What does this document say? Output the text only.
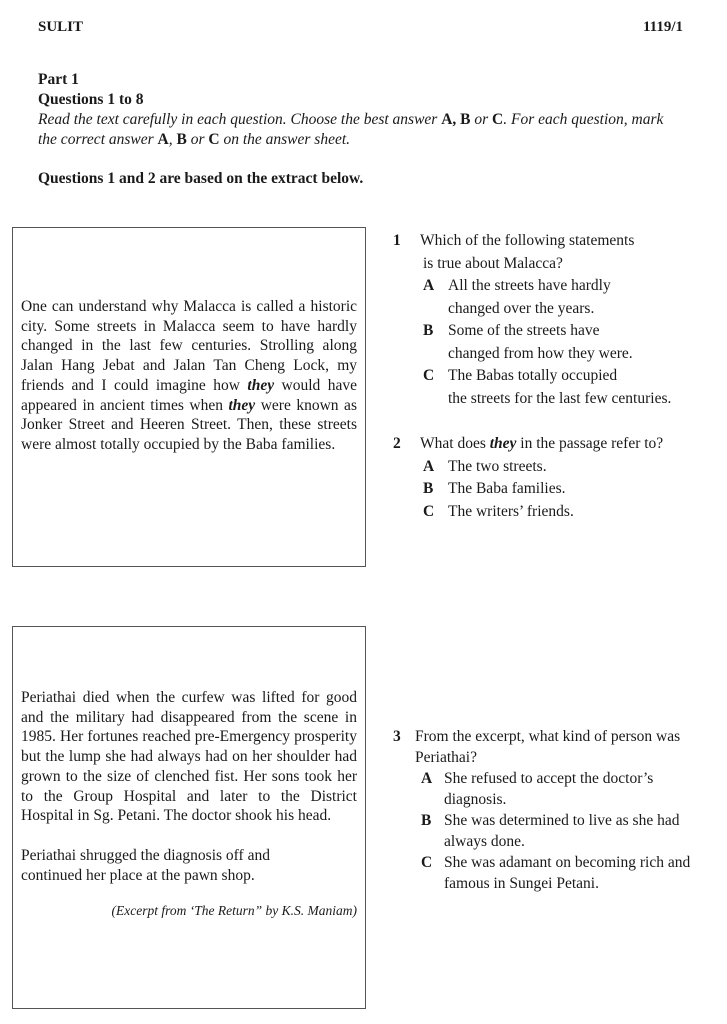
SULIT	1119/1
Part 1
Questions 1 to 8
Read the text carefully in each question. Choose the best answer A, B or C. For each question, mark the correct answer A, B or C on the answer sheet.
Questions 1 and 2 are based on the extract below.

One can understand why Malacca is called a historic city. Some streets in Malacca seem to have hardly changed in the last few centuries. Strolling along Jalan Hang Jebat and Jalan Tan Cheng Lock, my friends and I could imagine how they would have appeared in ancient times when they were known as Jonker Street and Heeren Street. Then, these streets were almost totally occupied by the Baba families.

1 Which of the following statements
is true about Malacca?
A All the streets have hardly
changed over the years.
B Some of the streets have
changed from how they were.
C The Babas totally occupied
the streets for the last few centuries.
2 What does they in the passage refer to?
A The two streets.
B The Baba families.
C The writers’ friends.

Periathai died when the curfew was lifted for good and the military had disappeared from the scene in 1985. Her fortunes reached pre-Emergency prosperity but the lump she had always had on her shoulder had grown to the size of clenched fist. Her sons took her to the Group Hospital and later to the District Hospital in Sg. Petani. The doctor shook his head.

Periathai shrugged the diagnosis off and
continued her place at the pawn shop.

(Excerpt from ‘The Return” by K.S. Maniam)
3 From the excerpt, what kind of person was
Periathai?
A She refused to accept the doctor’s
diagnosis.
B She was determined to live as she had
always done.
C She was adamant on becoming rich and
famous in Sungei Petani.
